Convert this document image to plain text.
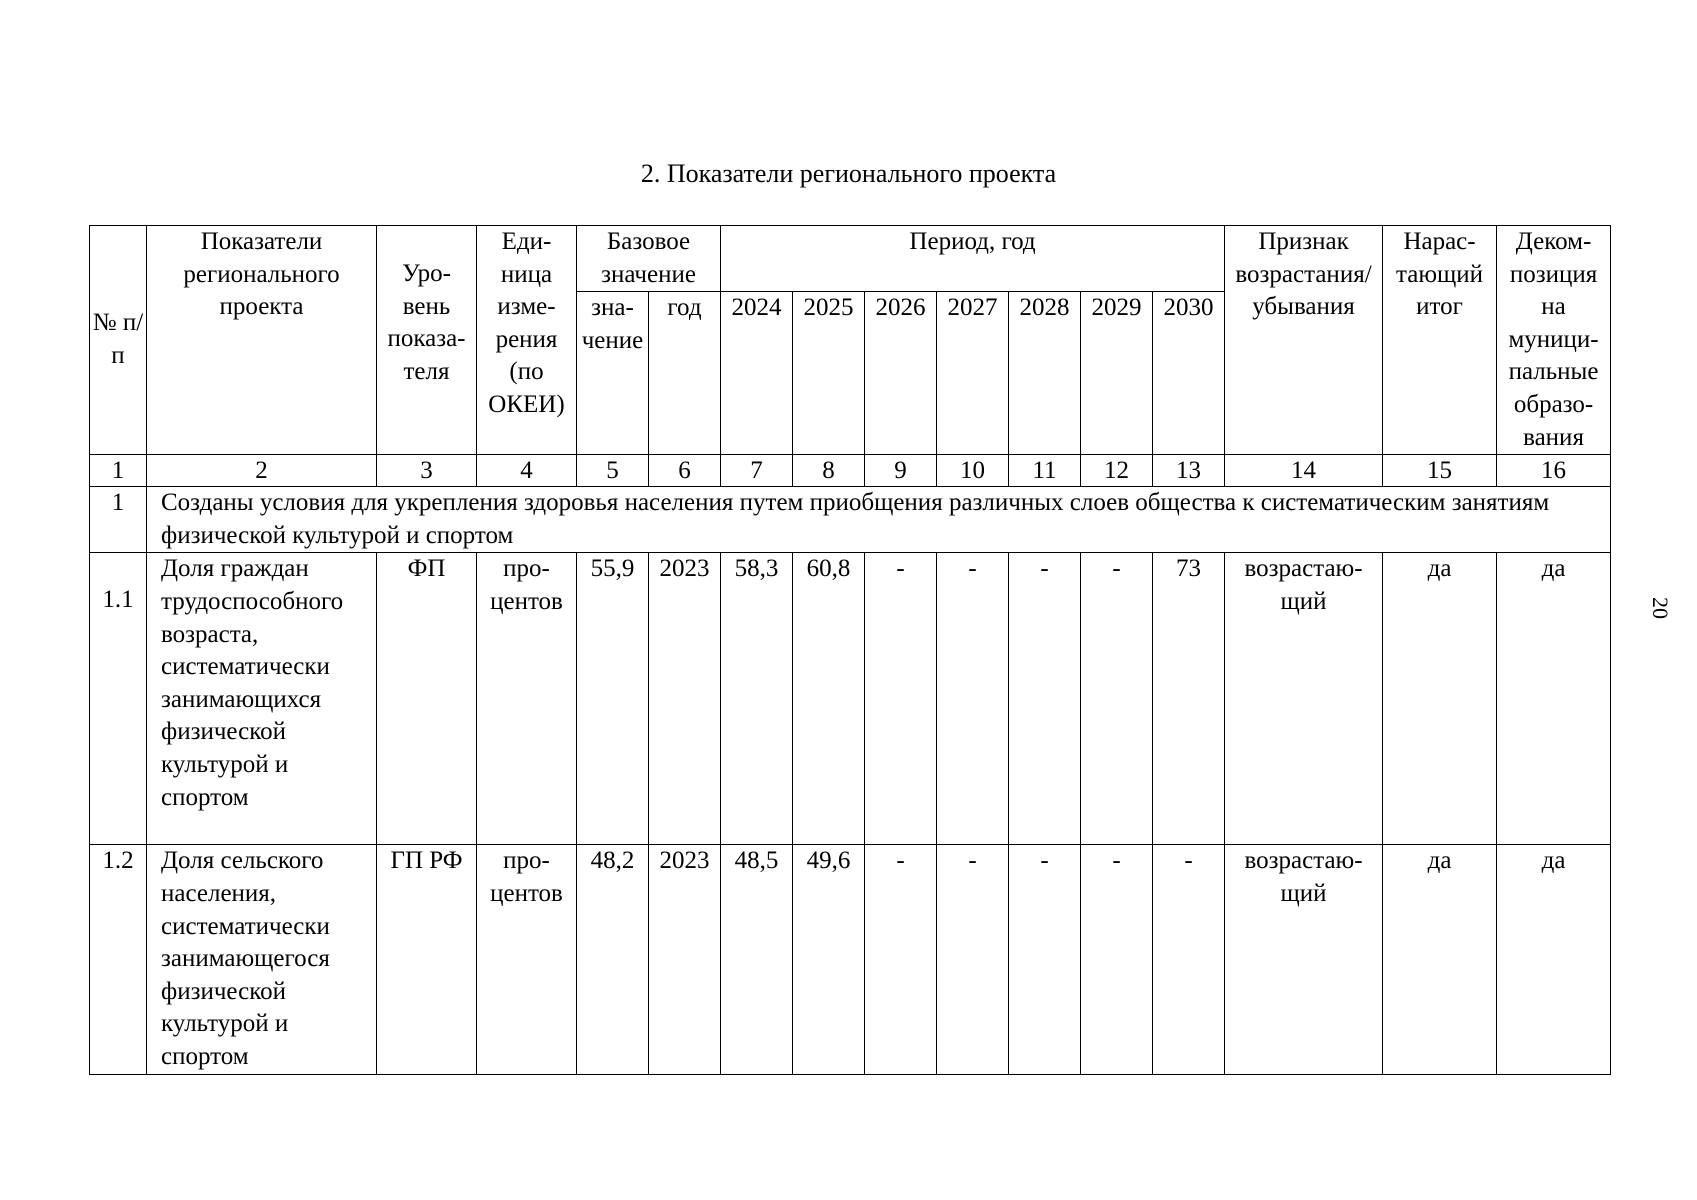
2. Показатели регионального проекта
20
№ п/п	Показатели регионального проекта	Уро-вень показа-теля	Еди-ница изме-рения (по ОКЕИ)	Базовое значение		Период, год							Признак возрастания/ убывания	Нарас-тающий итог	Деком-позиция на муници-пальные образо-вания
				зна-чение	год	2024	2025	2026	2027	2028	2029	2030			
1	2	3	4	5	6	7	8	9	10	11	12	13	14	15	16
1	Созданы условия для укрепления здоровья населения путем приобщения различных слоев общества к систематическим занятиям физической культурой и спортом														
1.1	Доля граждан трудоспособного возраста, систематически занимающихся физической культурой и спортом	ФП	про-центов	55,9	2023	58,3	60,8	-	-	-	-	73	возрастаю-щий	да	да
1.2	Доля сельского населения, систематически занимающегося физической культурой и спортом	ГП РФ	про-центов	48,2	2023	48,5	49,6	-	-	-	-	-	возрастаю-щий	да	да
